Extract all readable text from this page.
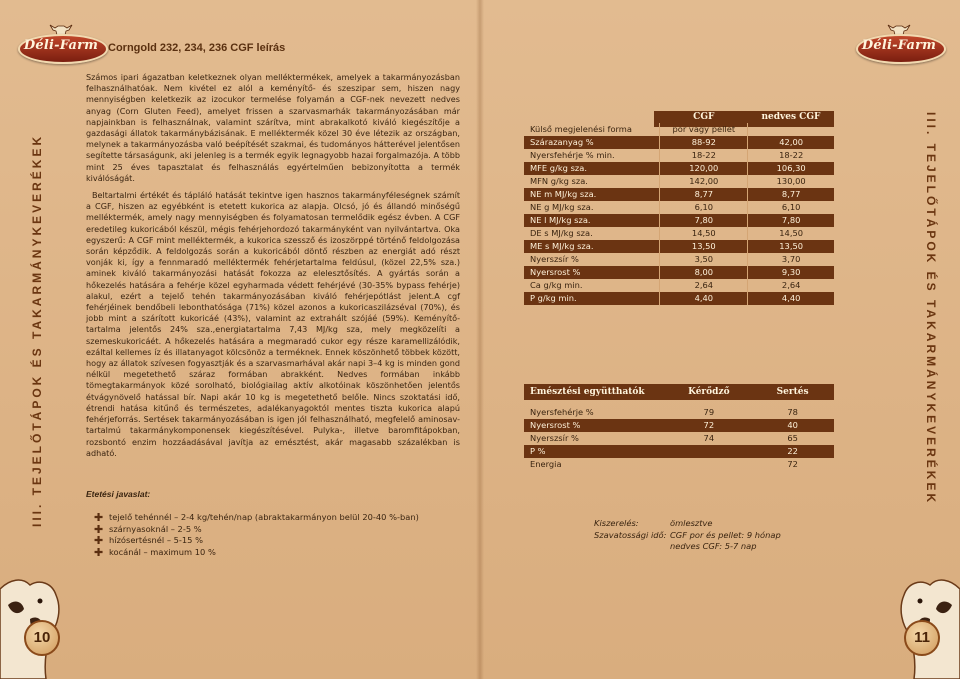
Déli-Farm Corngold 232, 234, 236 CGF leírás	Déli-Farm
III. TEJELŐTÁPOK ÉS TAKARMÁNYKEVERÉKEK	III. TEJELŐTÁPOK ÉS TAKARMÁNYKEVERÉKEK
10	11

Számos ipari ágazatban keletkeznek olyan melléktermékek, amelyek a takarmányozásban felhasználhatóak. Nem kivétel ez alól a keményítő- és szeszipar sem, hiszen nagy mennyiségben keletkezik az izocukor termelése folyamán a CGF-nek nevezett nedves anyag (Corn Gluten Feed), amelyet frissen a szarvasmarhák takarmányozásában már napjainkban is felhasználnak, valamint szárítva, mint abrakalkotó kiváló kiegészítője a gazdasági állatok takarmánybázisának. E melléktermék közel 30 éve létezik az országban, melynek a takarmányozásba való beépítését szakmai, és tudományos hátterével jelentősen segítette társaságunk, aki jelenleg is a termék egyik legnagyobb hazai forgalmazója. A több mint 25 éves tapasztalat és felhasználás egyértelműen bebizonyította a termék kiválóságát.

Beltartalmi értékét és tápláló hatását tekintve igen hasznos takarmányféleségnek számít a CGF, hiszen az egyébként is etetett kukorica az alapja. Olcsó, jó és állandó minőségű melléktermék, amely nagy mennyiségben és folyamatosan termelődik egész évben. A CGF eredetileg kukoricából készül, mégis fehérjehordozó takarmányként van nyilvántartva. Oka egyszerű: A CGF mint melléktermék, a kukorica szessző és izoszörppé történő feldolgozása során képződik. A feldolgozás során a kukoricából döntő részben az energiát adó részt vonják ki, így a fennmaradó melléktermék fehérjetartalma feldúsul, (közel 22,5% sza.) aminek kiváló takarmányozási hatását fokozza az elelesztősítés. A gyártás során a hőkezelés hatására a fehérje közel egyharmada védett fehérjévé (30-35% bypass fehérje) alakul, ezért a tejelő tehén takarmányozásában kiváló fehérjepótlást jelent.A cgf fehérjéinek bendőbeli lebonthatósága (71%) közel azonos a kukoricaszilázséval (70%), és jobb mint a szárított kukoricáé (43%), valamint az extrahált szójáé (59%). Keményítő-tartalma jelentős 24% sza.,energiatartalma 7,43 MJ/kg sza, mely megközelíti a szemeskukoricáét. A hőkezelés hatására a megmaradó cukor egy része karamellizálódik, ezáltal kellemes íz és illatanyagot kölcsönöz a terméknek. Ennek köszönhető többek között, hogy az állatok szívesen fogyasztják és a szarvasmarhával akár napi 3–4 kg is minden gond nélkül megetethető száraz formában abrakként. Nedves formában inkább tömegtakarmányok közé sorolható, biológiailag aktív alkotóinak köszönhetően jelentős étvágynövelő hatással bír. Napi akár 10 kg is megetethető belőle. Nincs szoktatási idő, étrendi hatása kitűnő és természetes, adalékanyagoktól mentes tiszta kukorica alapú fehérjeforrás. Sertések takarmányozásában is igen jól felhasználható, megfelelő aminosav-tartalmú takarmánykomponensek kiegészítésével. Pulyka-, illetve baromfitápokban, rozsbontó enzim hozzáadásával javítja az emésztést, akár magasabb százalékban is adható.

Etetési javaslat:
✚ tejelő tehénnél – 2-4 kg/tehén/nap (abraktakarmányon belül 20-40 %-ban)
✚ szárnyasoknál – 2-5 %
✚ hízósertésnél – 5-15 %
✚ kocánál – maximum 10 %
	CGF	nedves CGF
Külső megjelenési forma	por vagy pellet	
Szárazanyag %	88-92	42,00
Nyersfehérje % min.	18-22	18-22
MFE g/kg sza.	120,00	106,30
MFN g/kg sza.	142,00	130,00
NE m MJ/kg sza.	8,77	8,77
NE g MJ/kg sza.	6,10	6,10
NE l MJ/kg sza.	7,80	7,80
DE s MJ/kg sza.	14,50	14,50
ME s MJ/kg sza.	13,50	13,50
Nyerszsír %	3,50	3,70
Nyersrost %	8,00	9,30
Ca g/kg min.	2,64	2,64
P g/kg min.	4,40	4,40
Emésztési együtthatók	Kérődző	Sertés

Nyersfehérje %	79	78
Nyersrost %	72	40
Nyerszsír %	74	65
P %		22
Energia		72
Kiszerelés:	ömlesztve
Szavatossági idő: CGF por és pellet: 9 hónap
nedves CGF: 5-7 nap
